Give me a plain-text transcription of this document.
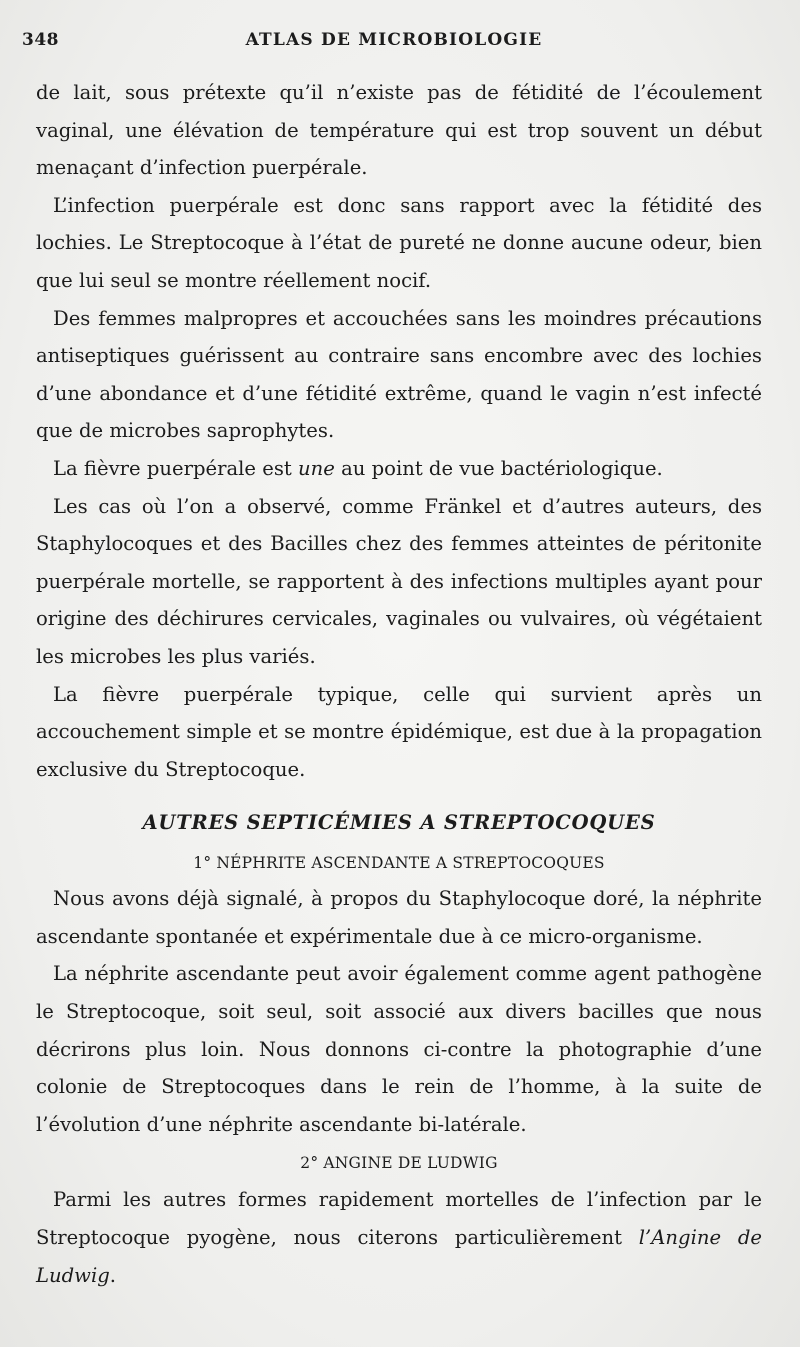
348	ATLAS DE MICROBIOLOGIE

de lait, sous prétexte qu’il n’existe pas de fétidité de l’écoulement vaginal, une élévation de température qui est trop souvent un début menaçant d’infection puerpérale.

L’infection puerpérale est donc sans rapport avec la fétidité des lochies. Le Streptocoque à l’état de pureté ne donne aucune odeur, bien que lui seul se montre réellement nocif.

Des femmes malpropres et accouchées sans les moindres précautions antiseptiques guérissent au contraire sans encombre avec des lochies d’une abondance et d’une fétidité extrême, quand le vagin n’est infecté que de microbes saprophytes.

La fièvre puerpérale est une au point de vue bactériologique.

Les cas où l’on a observé, comme Fränkel et d’autres auteurs, des Staphylocoques et des Bacilles chez des femmes atteintes de péritonite puerpérale mortelle, se rapportent à des infections multiples ayant pour origine des déchirures cervicales, vaginales ou vulvaires, où végétaient les microbes les plus variés.

La fièvre puerpérale typique, celle qui survient après un accouchement simple et se montre épidémique, est due à la propagation exclusive du Streptocoque.

AUTRES SEPTICÉMIES A STREPTOCOQUES
1° NÉPHRITE ASCENDANTE A STREPTOCOQUES

Nous avons déjà signalé, à propos du Staphylocoque doré, la néphrite ascendante spontanée et expérimentale due à ce micro-organisme.

La néphrite ascendante peut avoir également comme agent pathogène le Streptocoque, soit seul, soit associé aux divers bacilles que nous décrirons plus loin. Nous donnons ci-contre la photographie d’une colonie de Streptocoques dans le rein de l’homme, à la suite de l’évolution d’une néphrite ascendante bi-latérale.

2° ANGINE DE LUDWIG

Parmi les autres formes rapidement mortelles de l’infection par le Streptocoque pyogène, nous citerons particulièrement l’Angine de Ludwig.
